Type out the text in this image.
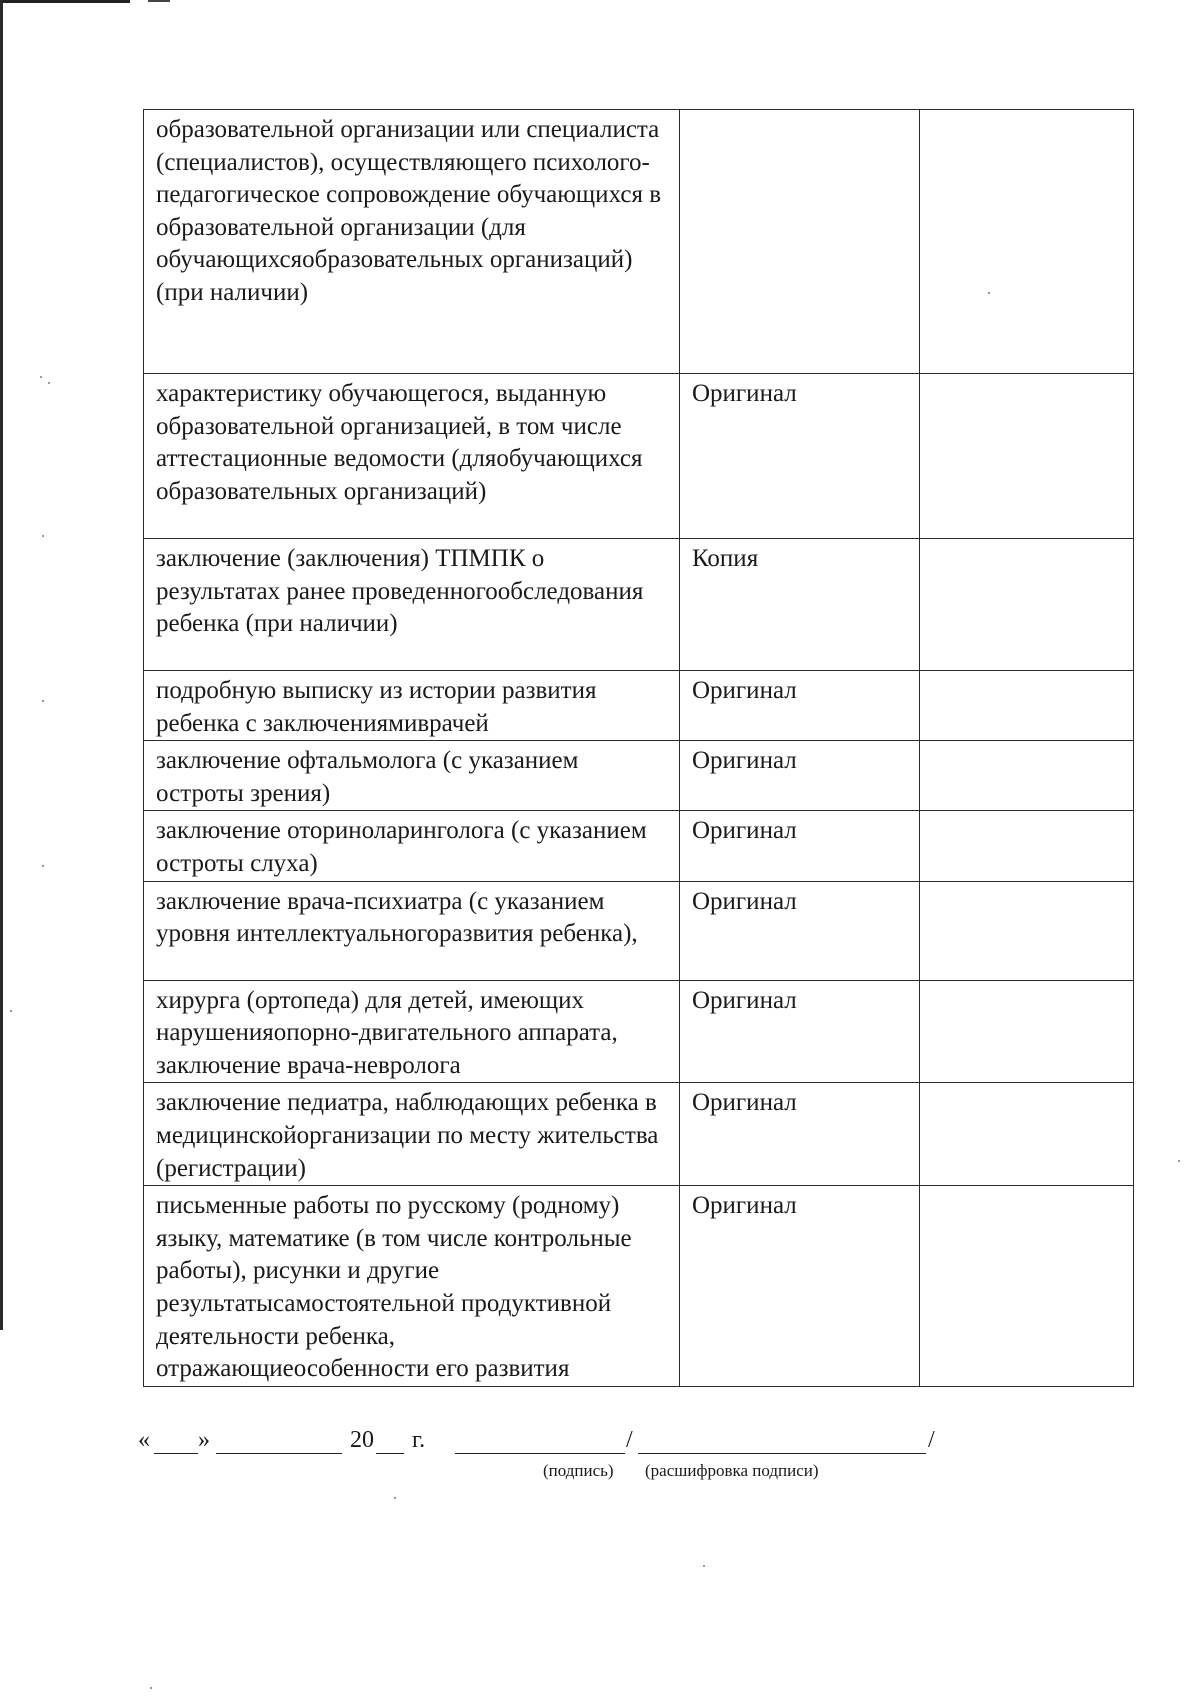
образовательной организации или специалиста (специалистов), осуществляющего психолого-педагогическое сопровождение обучающихся в образовательной организации (для обучающихсяобразовательных организаций) (при наличии)		
характеристику обучающегося, выданную образовательной организацией, в том числе аттестационные ведомости (дляобучающихся образовательных организаций)	Оригинал	
заключение (заключения) ТПМПК о результатах ранее проведенногообследования ребенка (при наличии)	Копия	
подробную выписку из истории развития ребенка с заключениямиврачей	Оригинал	
заключение офтальмолога (с указанием остроты зрения)	Оригинал	
заключение оториноларинголога (с указанием остроты слуха)	Оригинал	
заключение врача-психиатра (с указанием уровня интеллектуальногоразвития ребенка),	Оригинал	
хирурга (ортопеда) для детей, имеющих нарушенияопорно-двигательного аппарата, заключение врача-невролога	Оригинал	
заключение педиатра, наблюдающих ребенка в медицинскойорганизации по месту жительства (регистрации)	Оригинал	
письменные работы по русскому (родному) языку, математике (в том числе контрольные работы), рисунки и другие результатысамостоятельной продуктивной деятельности ребенка, отражающиеособенности его развития	Оригинал	
« »	20 г.	/	/
(подпись) (расшифровка подписи)
